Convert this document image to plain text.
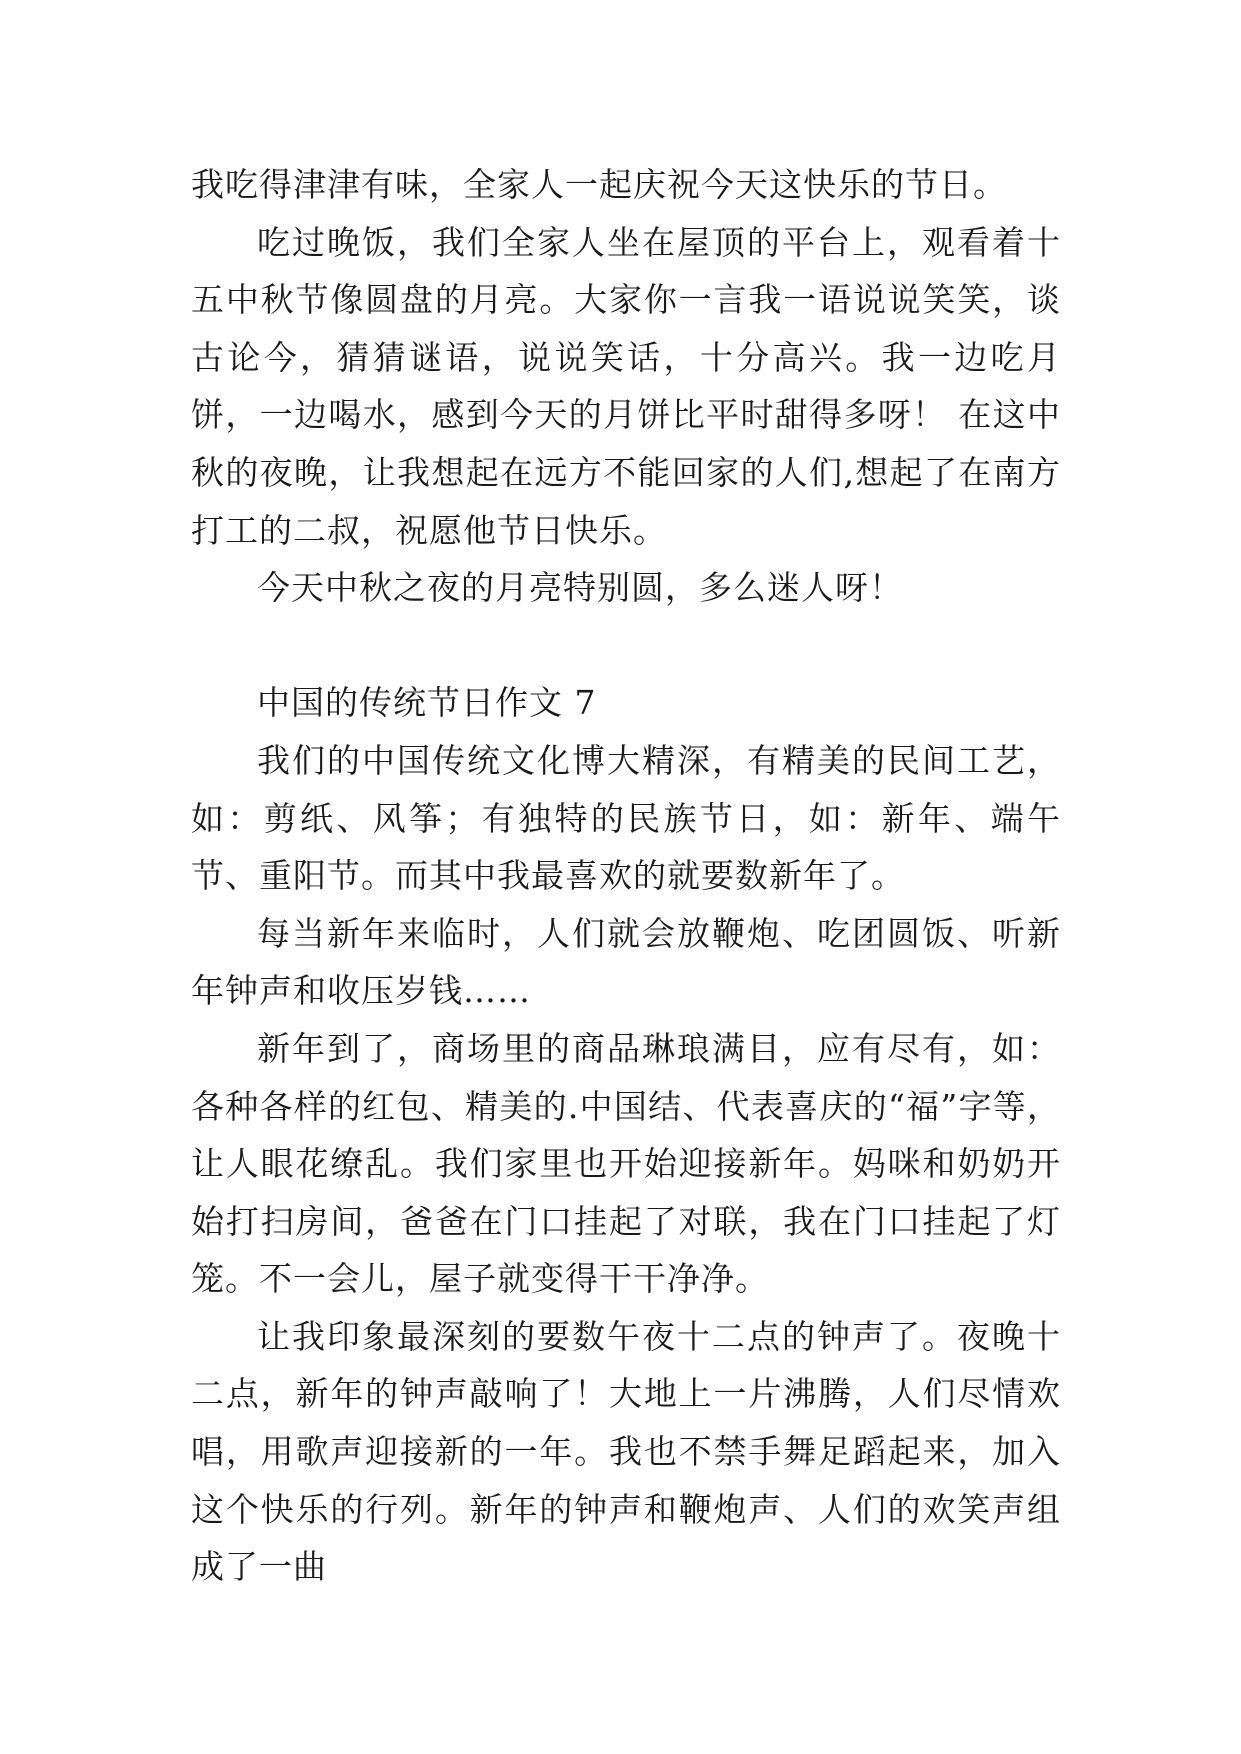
我吃得津津有味，全家人一起庆祝今天这快乐的节日。

吃过晚饭，我们全家人坐在屋顶的平台上，观看着十五中秋节像圆盘的月亮。大家你一言我一语说说笑笑，谈古论今，猜猜谜语，说说笑话，十分高兴。我一边吃月饼，一边喝水，感到今天的月饼比平时甜得多呀！ 在这中秋的夜晚，让我想起在远方不能回家的人们,想起了在南方打工的二叔，祝愿他节日快乐。

今天中秋之夜的月亮特别圆，多么迷人呀！

中国的传统节日作文 7

我们的中国传统文化博大精深，有精美的民间工艺，如：剪纸、风筝；有独特的民族节日，如：新年、端午节、重阳节。而其中我最喜欢的就要数新年了。

每当新年来临时，人们就会放鞭炮、吃团圆饭、听新年钟声和收压岁钱……

新年到了，商场里的商品琳琅满目，应有尽有，如：各种各样的红包、精美的.中国结、代表喜庆的“福”字等，让人眼花缭乱。我们家里也开始迎接新年。妈咪和奶奶开始打扫房间，爸爸在门口挂起了对联，我在门口挂起了灯笼。不一会儿，屋子就变得干干净净。

让我印象最深刻的要数午夜十二点的钟声了。夜晚十二点，新年的钟声敲响了！大地上一片沸腾，人们尽情欢唱，用歌声迎接新的一年。我也不禁手舞足蹈起来，加入这个快乐的行列。新年的钟声和鞭炮声、人们的欢笑声组成了一曲
